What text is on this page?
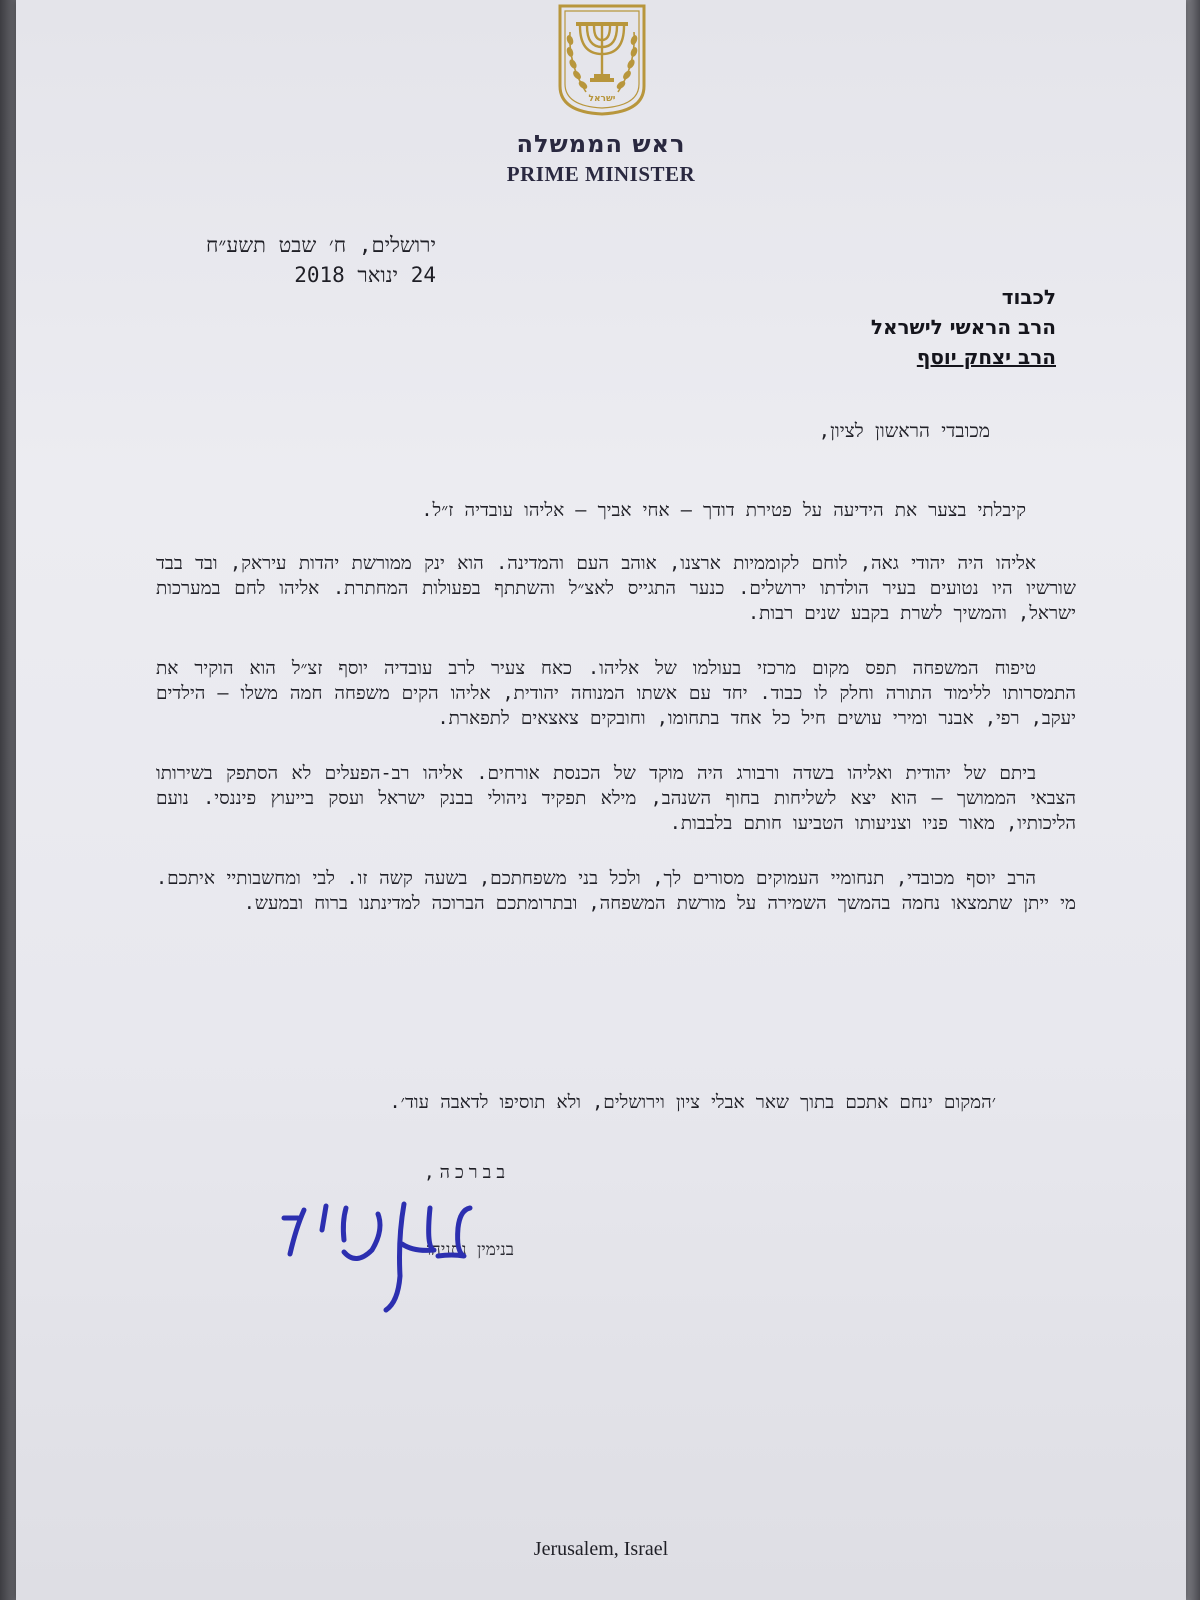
ישראל
ראש הממשלה
PRIME MINISTER
ירושלים, ח׳ שבט תשע״ח
24 ינואר 2018
לכבוד
הרב הראשי לישראל
הרב יצחק יוסף
מכובדי הראשון לציון,

קיבלתי בצער את הידיעה על פטירת דודך – אחי אביך – אליהו עובדיה ז״ל.

אליהו היה יהודי גאה, לוחם לקוממיות ארצנו, אוהב העם והמדינה. הוא ינק ממורשת יהדות עיראק, ובד בבד שורשיו היו נטועים בעיר הולדתו ירושלים. כנער התגייס לאצ״ל והשתתף בפעולות המחתרת. אליהו לחם במערכות ישראל, והמשיך לשרת בקבע שנים רבות.

טיפוח המשפחה תפס מקום מרכזי בעולמו של אליהו. כאח צעיר לרב עובדיה יוסף זצ״ל הוא הוקיר את התמסרותו ללימוד התורה וחלק לו כבוד. יחד עם אשתו המנוחה יהודית, אליהו הקים משפחה חמה משלו – הילדים יעקב, רפי, אבנר ומירי עושים חיל כל אחד בתחומו, וחובקים צאצאים לתפארת.

ביתם של יהודית ואליהו בשדה ורבורג היה מוקד של הכנסת אורחים. אליהו רב-הפעלים לא הסתפק בשירותו הצבאי הממושך – הוא יצא לשליחות בחוף השנהב, מילא תפקיד ניהולי בבנק ישראל ועסק בייעוץ פיננסי. נועם הליכותיו, מאור פניו וצניעותו הטביעו חותם בלבבות.

הרב יוסף מכובדי, תנחומיי העמוקים מסורים לך, ולכל בני משפחתכם, בשעה קשה זו. לבי ומחשבותיי איתכם. מי ייתן שתמצאו נחמה בהמשך השמירה על מורשת המשפחה, ובתרומתכם הברוכה למדינתנו ברוח ובמעש.

׳המקום ינחם אתכם בתוך שאר אבלי ציון וירושלים, ולא תוסיפו לדאבה עוד׳.
בברכה,
בנימין נתניהו
Jerusalem, Israel
